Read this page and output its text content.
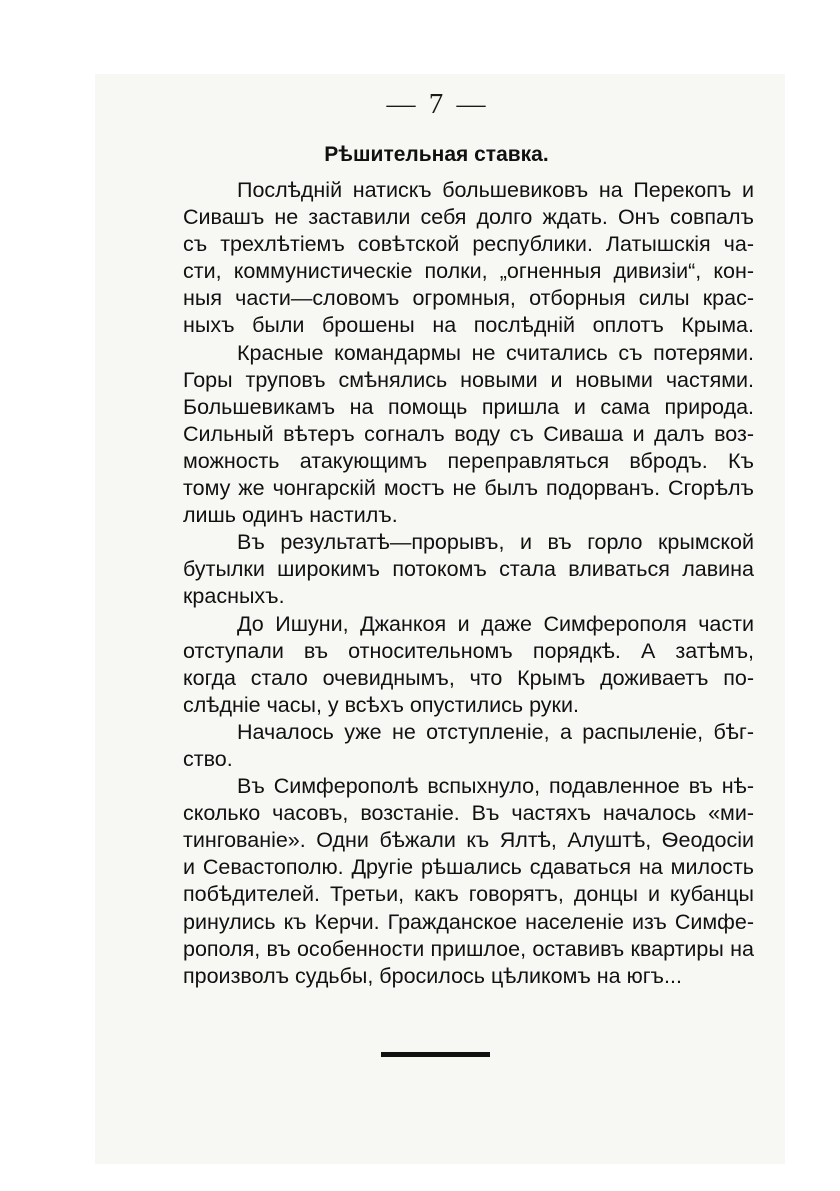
— 7 —
Рѣшительная ставка.
Послѣдній натискъ большевиковъ на Перекопъ и
Сивашъ не заставили себя долго ждать. Онъ совпалъ
съ трехлѣтіемъ совѣтской республики. Латышскія ча-
сти, коммунистическіе полки, „огненныя дивизіи“, кон-
ныя части—словомъ огромныя, отборныя силы крас-
ныхъ были брошены на послѣдній оплотъ Крыма.
Красные командармы не считались съ потерями.
Горы труповъ смѣнялись новыми и новыми частями.
Большевикамъ на помощь пришла и сама природа.
Сильный вѣтеръ согналъ воду съ Сиваша и далъ воз-
можность атакующимъ переправляться вбродъ. Къ
тому же чонгарскій мостъ не былъ подорванъ. Сгорѣлъ
лишь одинъ настилъ.
Въ результатѣ—прорывъ, и въ горло крымской
бутылки широкимъ потокомъ стала вливаться лавина
красныхъ.
До Ишуни, Джанкоя и даже Симферополя части
отступали въ относительномъ порядкѣ. А затѣмъ,
когда стало очевиднымъ, что Крымъ доживаетъ по-
слѣдніе часы, у всѣхъ опустились руки.
Началось уже не отступленіе, а распыленіе, бѣг-
ство.
Въ Симферополѣ вспыхнуло, подавленное въ нѣ-
сколько часовъ, возстаніе. Въ частяхъ началось «ми-
тингованіе». Одни бѣжали къ Ялтѣ, Алуштѣ, Ѳеодосіи
и Севастополю. Другіе рѣшались сдаваться на милость
побѣдителей. Третьи, какъ говорятъ, донцы и кубанцы
ринулись къ Керчи. Гражданское населеніе изъ Симфе-
рополя, въ особенности пришлое, оставивъ квартиры на
произволъ судьбы, бросилось цѣликомъ на югъ...
